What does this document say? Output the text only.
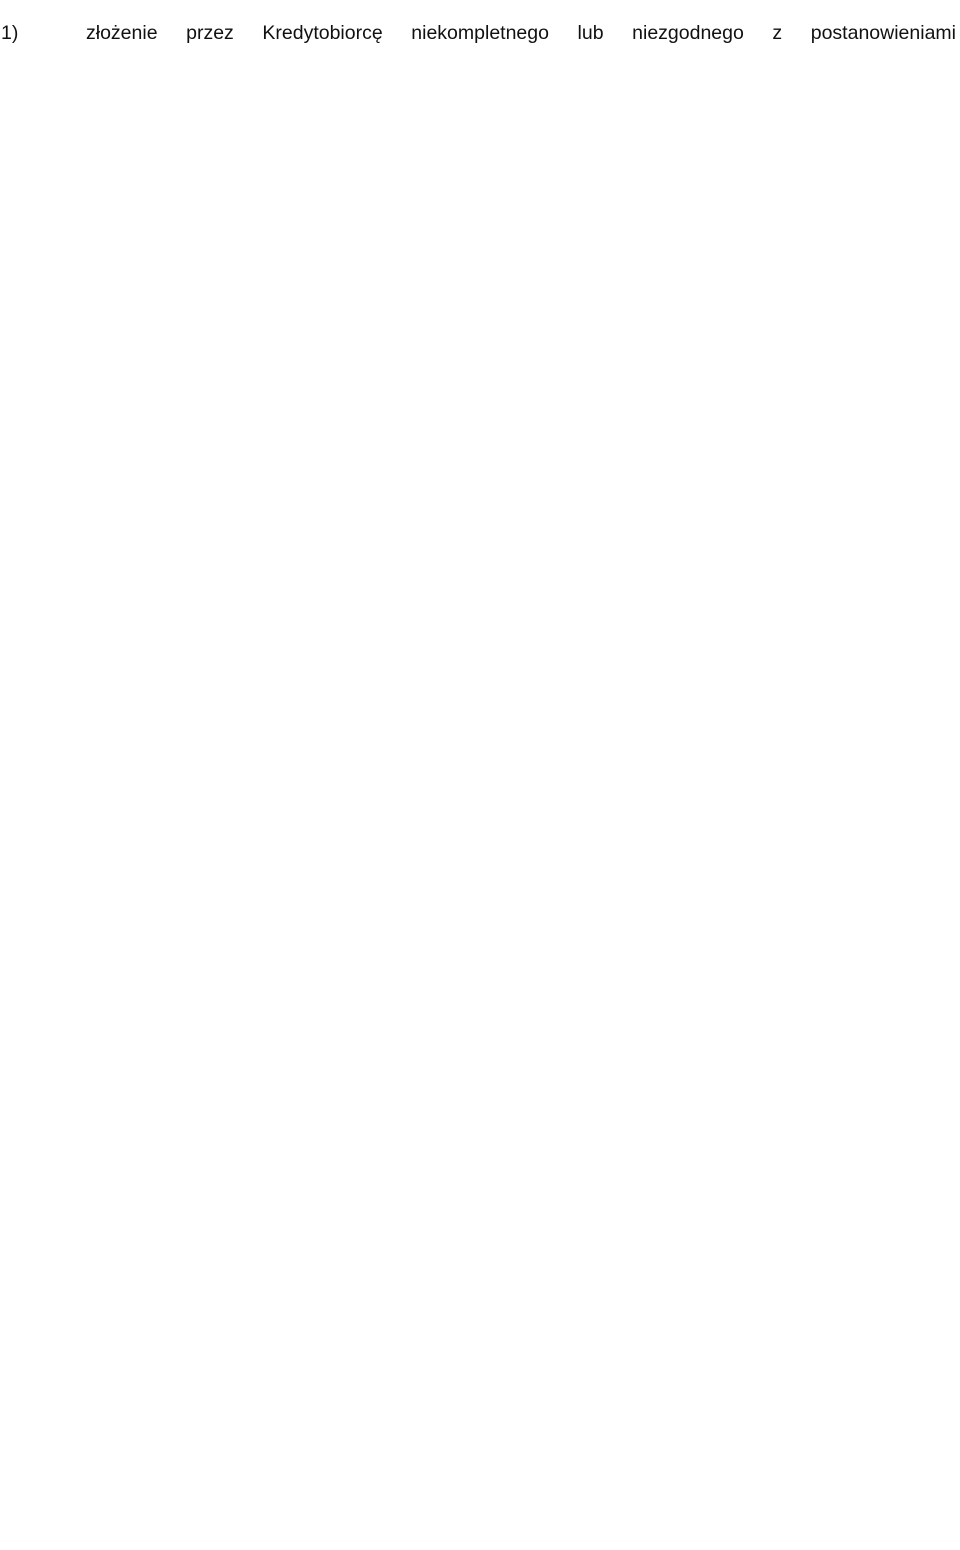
1)	złożenie przez Kredytobiorcę niekompletnego lub niezgodnego z postanowieniami
